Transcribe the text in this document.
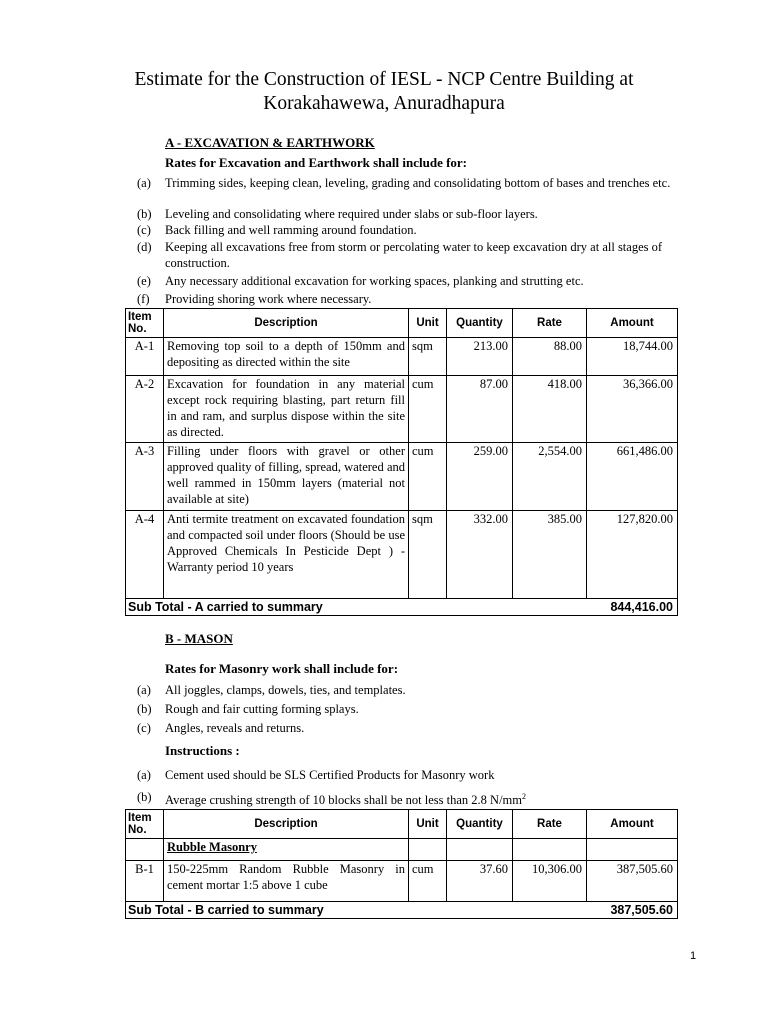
Estimate for the Construction of IESL - NCP Centre Building at
Korakahawewa, Anuradhapura
A - EXCAVATION & EARTHWORK
Rates for Excavation and Earthwork shall include for:
(a) Trimming sides, keeping clean, leveling, grading and consolidating bottom of bases and trenches etc.
(b) Leveling and consolidating where required under slabs or sub-floor layers.
(c) Back filling and well ramming around foundation.
(d) Keeping all excavations free from storm or percolating water to keep excavation dry at all stages of construction.
(e) Any necessary additional excavation for working spaces, planking and strutting etc.
(f) Providing shoring work where necessary.
Item No.	Description	Unit	Quantity	Rate	Amount
A-1	Removing top soil to a depth of 150mm and depositing as directed within the site	sqm	213.00	88.00	18,744.00
A-2	Excavation for foundation in any material except rock requiring blasting, part return fill in and ram, and surplus dispose within the site as directed.	cum	87.00	418.00	36,366.00
A-3	Filling under floors with gravel or other approved quality of filling, spread, watered and well rammed in 150mm layers (material not available at site)	cum	259.00	2,554.00	661,486.00
A-4	Anti termite treatment on excavated foundation and compacted soil under floors (Should be use Approved Chemicals In Pesticide Dept ) - Warranty period 10 years	sqm	332.00	385.00	127,820.00
Sub Total - A carried to summary					844,416.00
B - MASON
Rates for Masonry work shall include for:
(a) All joggles, clamps, dowels, ties, and templates.
(b) Rough and fair cutting forming splays.
(c) Angles, reveals and returns.
Instructions :
(a) Cement used should be SLS Certified Products for Masonry work
(b) Average crushing strength of 10 blocks shall be not less than 2.8 $N/mm^2$
Item No.	Description	Unit	Quantity	Rate	Amount
	Rubble Masonry				
B-1	150-225mm Random Rubble Masonry in cement mortar 1:5 above 1 cube	cum	37.60	10,306.00	387,505.60
Sub Total - B carried to summary					387,505.60
1
